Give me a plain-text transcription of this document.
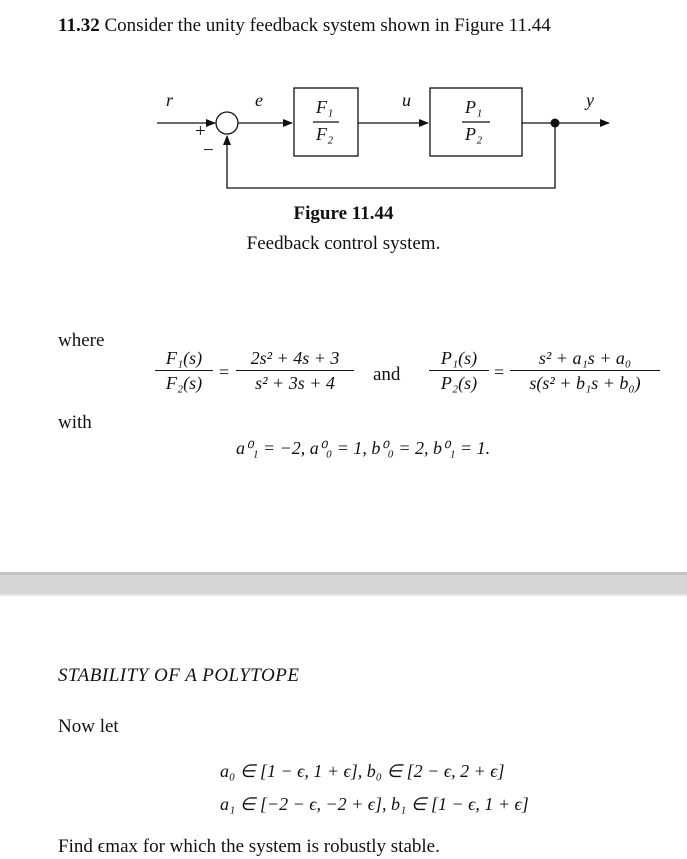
11.32 Consider the unity feedback system shown in Figure 11.44
r	e	u	y
+
−
F₁
F₂
P₁
P₂
Figure 11.44
Feedback control system.
where
F₁(s)
F₂(s)
=
2s² + 4s + 3
s² + 3s + 4	and
P₁(s)
P₂(s)
=
s² + a₁s + a₀
s(s² + b₁s + b₀)
with
a⁰₁ = −2, a⁰₀ = 1, b⁰₀ = 2, b⁰₁ = 1.
STABILITY OF A POLYTOPE
Now let
a₀ ∈ [1 − ϵ, 1 + ϵ], b₀ ∈ [2 − ϵ, 2 + ϵ]
a₁ ∈ [−2 − ϵ, −2 + ϵ], b₁ ∈ [1 − ϵ, 1 + ϵ]
Find ϵmax for which the system is robustly stable.
